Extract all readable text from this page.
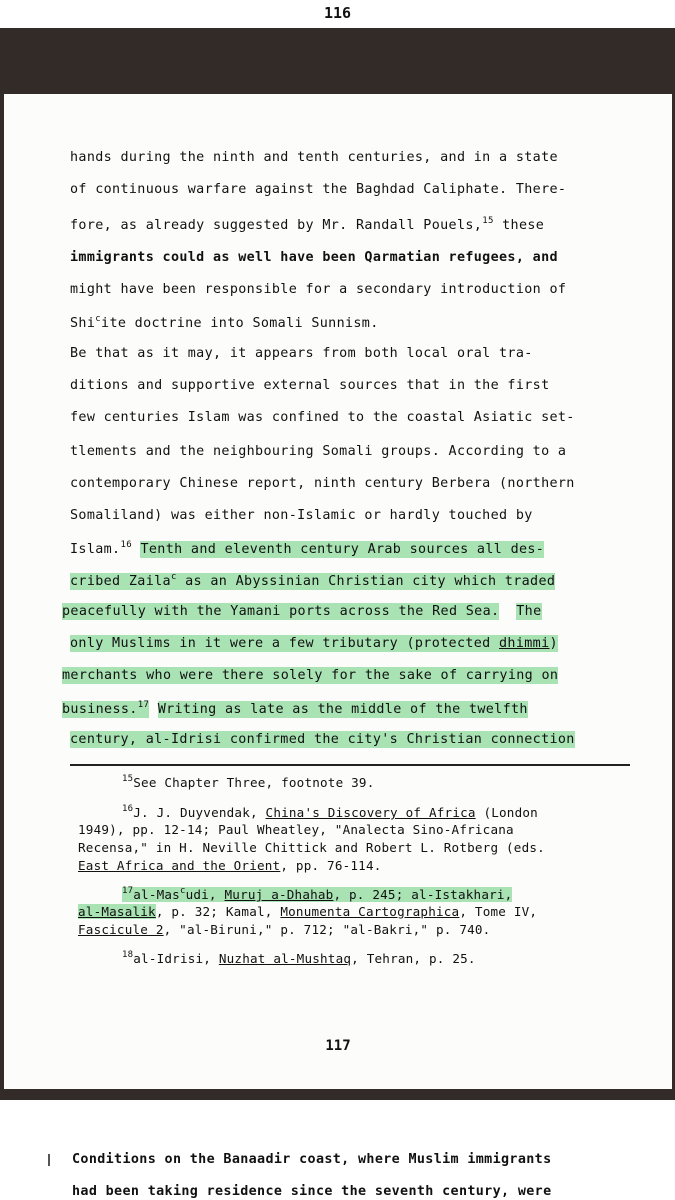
116
hands during the ninth and tenth centuries, and in a state
of continuous warfare against the Baghdad Caliphate. There-
fore, as already suggested by Mr. Randall Pouels,$^{15}$ these
immigrants could as well have been Qarmatian refugees, and
might have been responsible for a secondary introduction of
Shi$^c$ite doctrine into Somali Sunnism.
Be that as it may, it appears from both local oral tra-
ditions and supportive external sources that in the first
few centuries Islam was confined to the coastal Asiatic set-
tlements and the neighbouring Somali groups. According to a
contemporary Chinese report, ninth century Berbera (northern
Somaliland) was either non-Islamic or hardly touched by
Islam.$^{16}$ Tenth and eleventh century Arab sources all des-
cribed Zaila$^c$ as an Abyssinian Christian city which traded
peacefully with the Yamani ports across the Red Sea. The
only Muslims in it were a few tributary (protected dhimmi)
merchants who were there solely for the sake of carrying on
business.$^{17}$ Writing as late as the middle of the twelfth
century, al-Idrisi confirmed the city's Christian connection
$^{15}$See Chapter Three, footnote 39.
$^{16}$J. J. Duyvendak, China's Discovery of Africa (London
1949), pp. 12-14; Paul Wheatley, "Analecta Sino-Africana
Recensa," in H. Neville Chittick and Robert L. Rotberg (eds.
East Africa and the Orient, pp. 76-114.
$^{17}$al-Mas$^c$udi, Muruj a-Dhahab, p. 245; al-Istakhari,
al-Masalik, p. 32; Kamal, Monumenta Cartographica, Tome IV,
Fascicule 2, "al-Biruni," p. 712; "al-Bakri," p. 740.
$^{18}$al-Idrisi, Nuzhat al-Mushtaq, Tehran, p. 25.
117
Conditions on the Banaadir coast, where Muslim immigrants
had been taking residence since the seventh century, were
